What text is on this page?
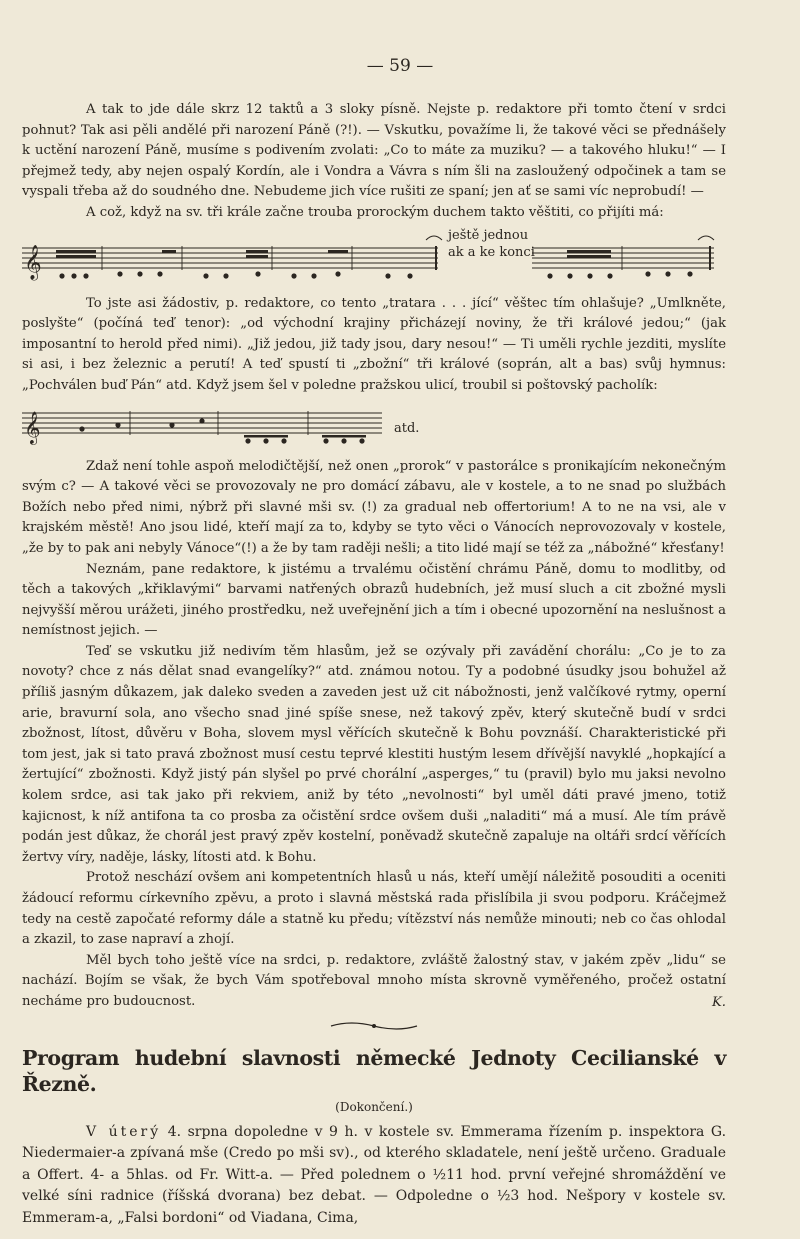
— 59 —

A tak to jde dále skrz 12 taktů a 3 sloky písně. Nejste p. redaktore při tomto čtení v srdci pohnut? Tak asi pěli andělé při narození Páně (?!). — Vskutku, považíme li, že takové věci se přednášely k uctění narození Páně, musíme s podivením zvolati: „Co to máte za muziku? — a takového hluku!“ — I přejmež tedy, aby nejen ospalý Kordín, ale i Vondra a Vávra s ním šli na zasloužený odpočinek a tam se vyspali třeba až do soudného dne. Nebudeme jich více rušiti ze spaní; jen ať se sami víc neprobudí! —

A což, když na sv. tři krále začne trouba prorockým duchem takto věštiti, co přijíti má:

𝄞
ještě jednou
ak a ke konci

To jste asi žádostiv, p. redaktore, co tento „tratara . . . jící“ věštec tím ohlašuje? „Umlkněte, poslyšte“ (počíná teď tenor): „od východní krajiny přicházejí noviny, že tři králové jedou;“ (jak imposantní to herold před nimi). „Již jedou, již tady jsou, dary nesou!“ — Ti uměli rychle jezditi, myslíte si asi, i bez železnic a perutí! A teď spustí ti „zbožní“ tři králové (soprán, alt a bas) svůj hymnus: „Pochválen buď Pán“ atd. Když jsem šel v poledne pražskou ulicí, troubil si poštovský pacholík:

𝄞	atd.

Zdaž není tohle aspoň melodičtější, než onen „prorok“ v pastorálce s pronikajícím nekonečným svým c? — A takové věci se provozovaly ne pro domácí zábavu, ale v kostele, a to ne snad po službách Božích nebo před nimi, nýbrž při slavné mši sv. (!) za gradual neb offertorium! A to ne na vsi, ale v krajském městě! Ano jsou lidé, kteří mají za to, kdyby se tyto věci o Vánocích neprovozovaly v kostele, „že by to pak ani nebyly Vánoce“(!) a že by tam raději nešli; a tito lidé mají se též za „nábožné“ křesťany!

Neznám, pane redaktore, k jistému a trvalému očistění chrámu Páně, domu to modlitby, od těch a takových „křiklavými“ barvami natřených obrazů hudebních, jež musí sluch a cit zbožné mysli nejvyšší měrou urážeti, jiného prostředku, než uveřejnění jich a tím i obecné upozornění na neslušnost a nemístnost jejich. —

Teď se vskutku již nedivím těm hlasům, jež se ozývaly při zavádění chorálu: „Co je to za novoty? chce z nás dělat snad evangelíky?“ atd. známou notou. Ty a podobné úsudky jsou bohužel až příliš jasným důkazem, jak daleko sveden a zaveden jest už cit nábožnosti, jenž valčíkové rytmy, operní arie, bravurní sola, ano všecho snad jiné spíše snese, než takový zpěv, který skutečně budí v srdci zbožnost, lítost, důvěru v Boha, slovem mysl věřících skutečně k Bohu povznáší. Charakteristické při tom jest, jak si tato pravá zbožnost musí cestu teprvé klestiti hustým lesem dřívější navyklé „hopkající a žertující“ zbožnosti. Když jistý pán slyšel po prvé chorální „asperges,“ tu (pravil) bylo mu jaksi nevolno kolem srdce, asi tak jako při rekviem, aniž by této „nevolnosti“ byl uměl dáti pravé jmeno, totiž kajicnost, k níž antifona ta co prosba za očistění srdce ovšem duši „naladiti“ má a musí. Ale tím právě podán jest důkaz, že chorál jest pravý zpěv kostelní, poněvadž skutečně zapaluje na oltáři srdcí věřících žertvy víry, naděje, lásky, lítosti atd. k Bohu.

Protož neschází ovšem ani kompetentních hlasů u nás, kteří umějí náležitě posouditi a oceniti žádoucí reformu církevního zpěvu, a proto i slavná městská rada přislíbila ji svou podporu. Kráčejmež tedy na cestě započaté reformy dále a statně ku předu; vítězství nás nemůže minouti; neb co čas ohlodal a zkazil, to zase napraví a zhojí.

Měl bych toho ještě více na srdci, p. redaktore, zvláště žalostný stav, v jakém zpěv „lidu“ se nachází. Bojím se však, že bych Vám spotřeboval mnoho místa skrovně vyměřeného, pročež ostatní necháme pro budoucnost.	K.

Program hudební slavnosti německé Jednoty Cecilianské v Řezně.

(Dokončení.)

V úterý 4. srpna dopoledne v 9 h. v kostele sv. Emmerama řízením p. inspektora G. Niedermaier-a zpívaná mše (Credo po mši sv)., od kterého skladatele, není ještě určeno. Graduale a Offert. 4- a 5hlas. od Fr. Witt-a. — Před polednem o ½11 hod. první veřejné shromáždění ve velké síni radnice (říšská dvorana) bez debat. — Odpoledne o ½3 hod. Nešpory v kostele sv. Emmeram-a, „Falsi bordoni“ od Viadana, Cima,
